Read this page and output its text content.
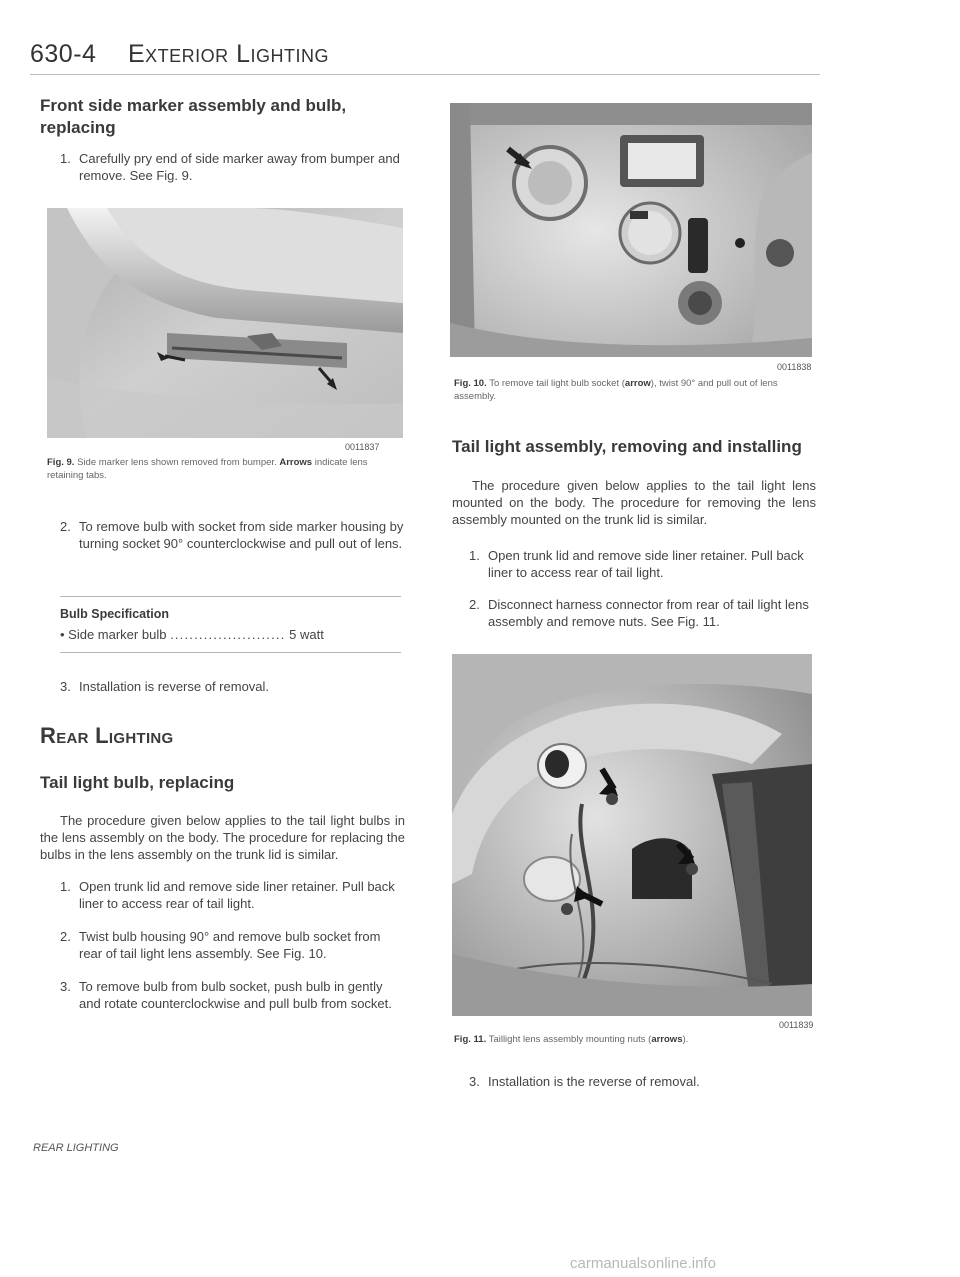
630-4 Exterior Lighting
Front side marker assembly and bulb, replacing
1. Carefully pry end of side marker away from bumper and remove. See Fig. 9.
0011837
Fig. 9. Side marker lens shown removed from bumper. Arrows indicate lens retaining tabs.
2. To remove bulb with socket from side marker housing by turning socket 90° counterclockwise and pull out of lens.
Bulb Specification
• Side marker bulb ........................ 5 watt
3. Installation is reverse of removal.
Rear Lighting
Tail light bulb, replacing
The procedure given below applies to the tail light bulbs in the lens assembly on the body. The procedure for replacing the bulbs in the lens assembly on the trunk lid is similar.
1. Open trunk lid and remove side liner retainer. Pull back liner to access rear of tail light.
2. Twist bulb housing 90° and remove bulb socket from rear of tail light lens assembly. See Fig. 10.
3. To remove bulb from bulb socket, push bulb in gently and rotate counterclockwise and pull bulb from socket.
0011838
Fig. 10. To remove tail light bulb socket (arrow), twist 90° and pull out of lens assembly.
Tail light assembly, removing and installing
The procedure given below applies to the tail light lens mounted on the body. The procedure for removing the lens assembly mounted on the trunk lid is similar.
1. Open trunk lid and remove side liner retainer. Pull back liner to access rear of tail light.
2. Disconnect harness connector from rear of tail light lens assembly and remove nuts. See Fig. 11.
0011839
Fig. 11. Taillight lens assembly mounting nuts (arrows).
3. Installation is the reverse of removal.
REAR LIGHTING
carmanualsonline.info
